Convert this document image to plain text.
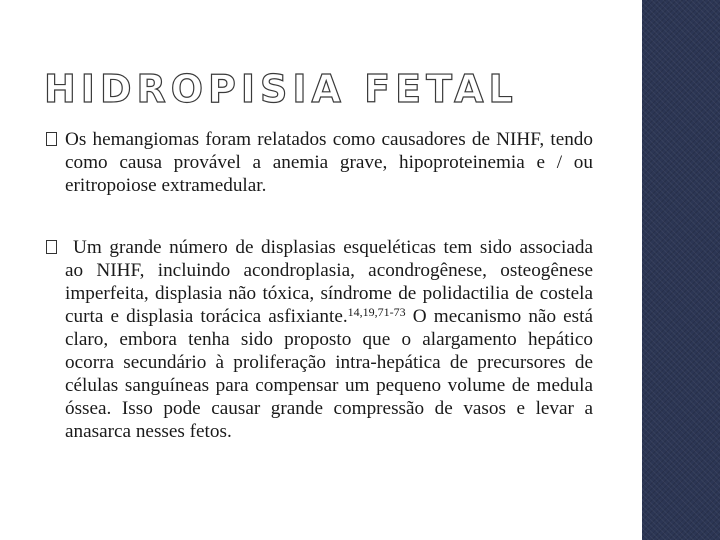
HIDROPISIA FETAL
Os hemangiomas foram relatados como causadores de NIHF, tendo como causa provável a anemia grave, hipoproteinemia e / ou eritropoiose extramedular.
Um grande número de displasias esqueléticas tem sido associada ao NIHF, incluindo acondroplasia, acondrogênese, osteogênese imperfeita, displasia não tóxica, síndrome de polidactilia de costela curta e displasia torácica asfixiante.$^{14,19,71-73}$ O mecanismo não está claro, embora tenha sido proposto que o alargamento hepático ocorra secundário à proliferação intra-hepática de precursores de células sanguíneas para compensar um pequeno volume de medula óssea. Isso pode causar grande compressão de vasos e levar a anasarca nesses fetos.
